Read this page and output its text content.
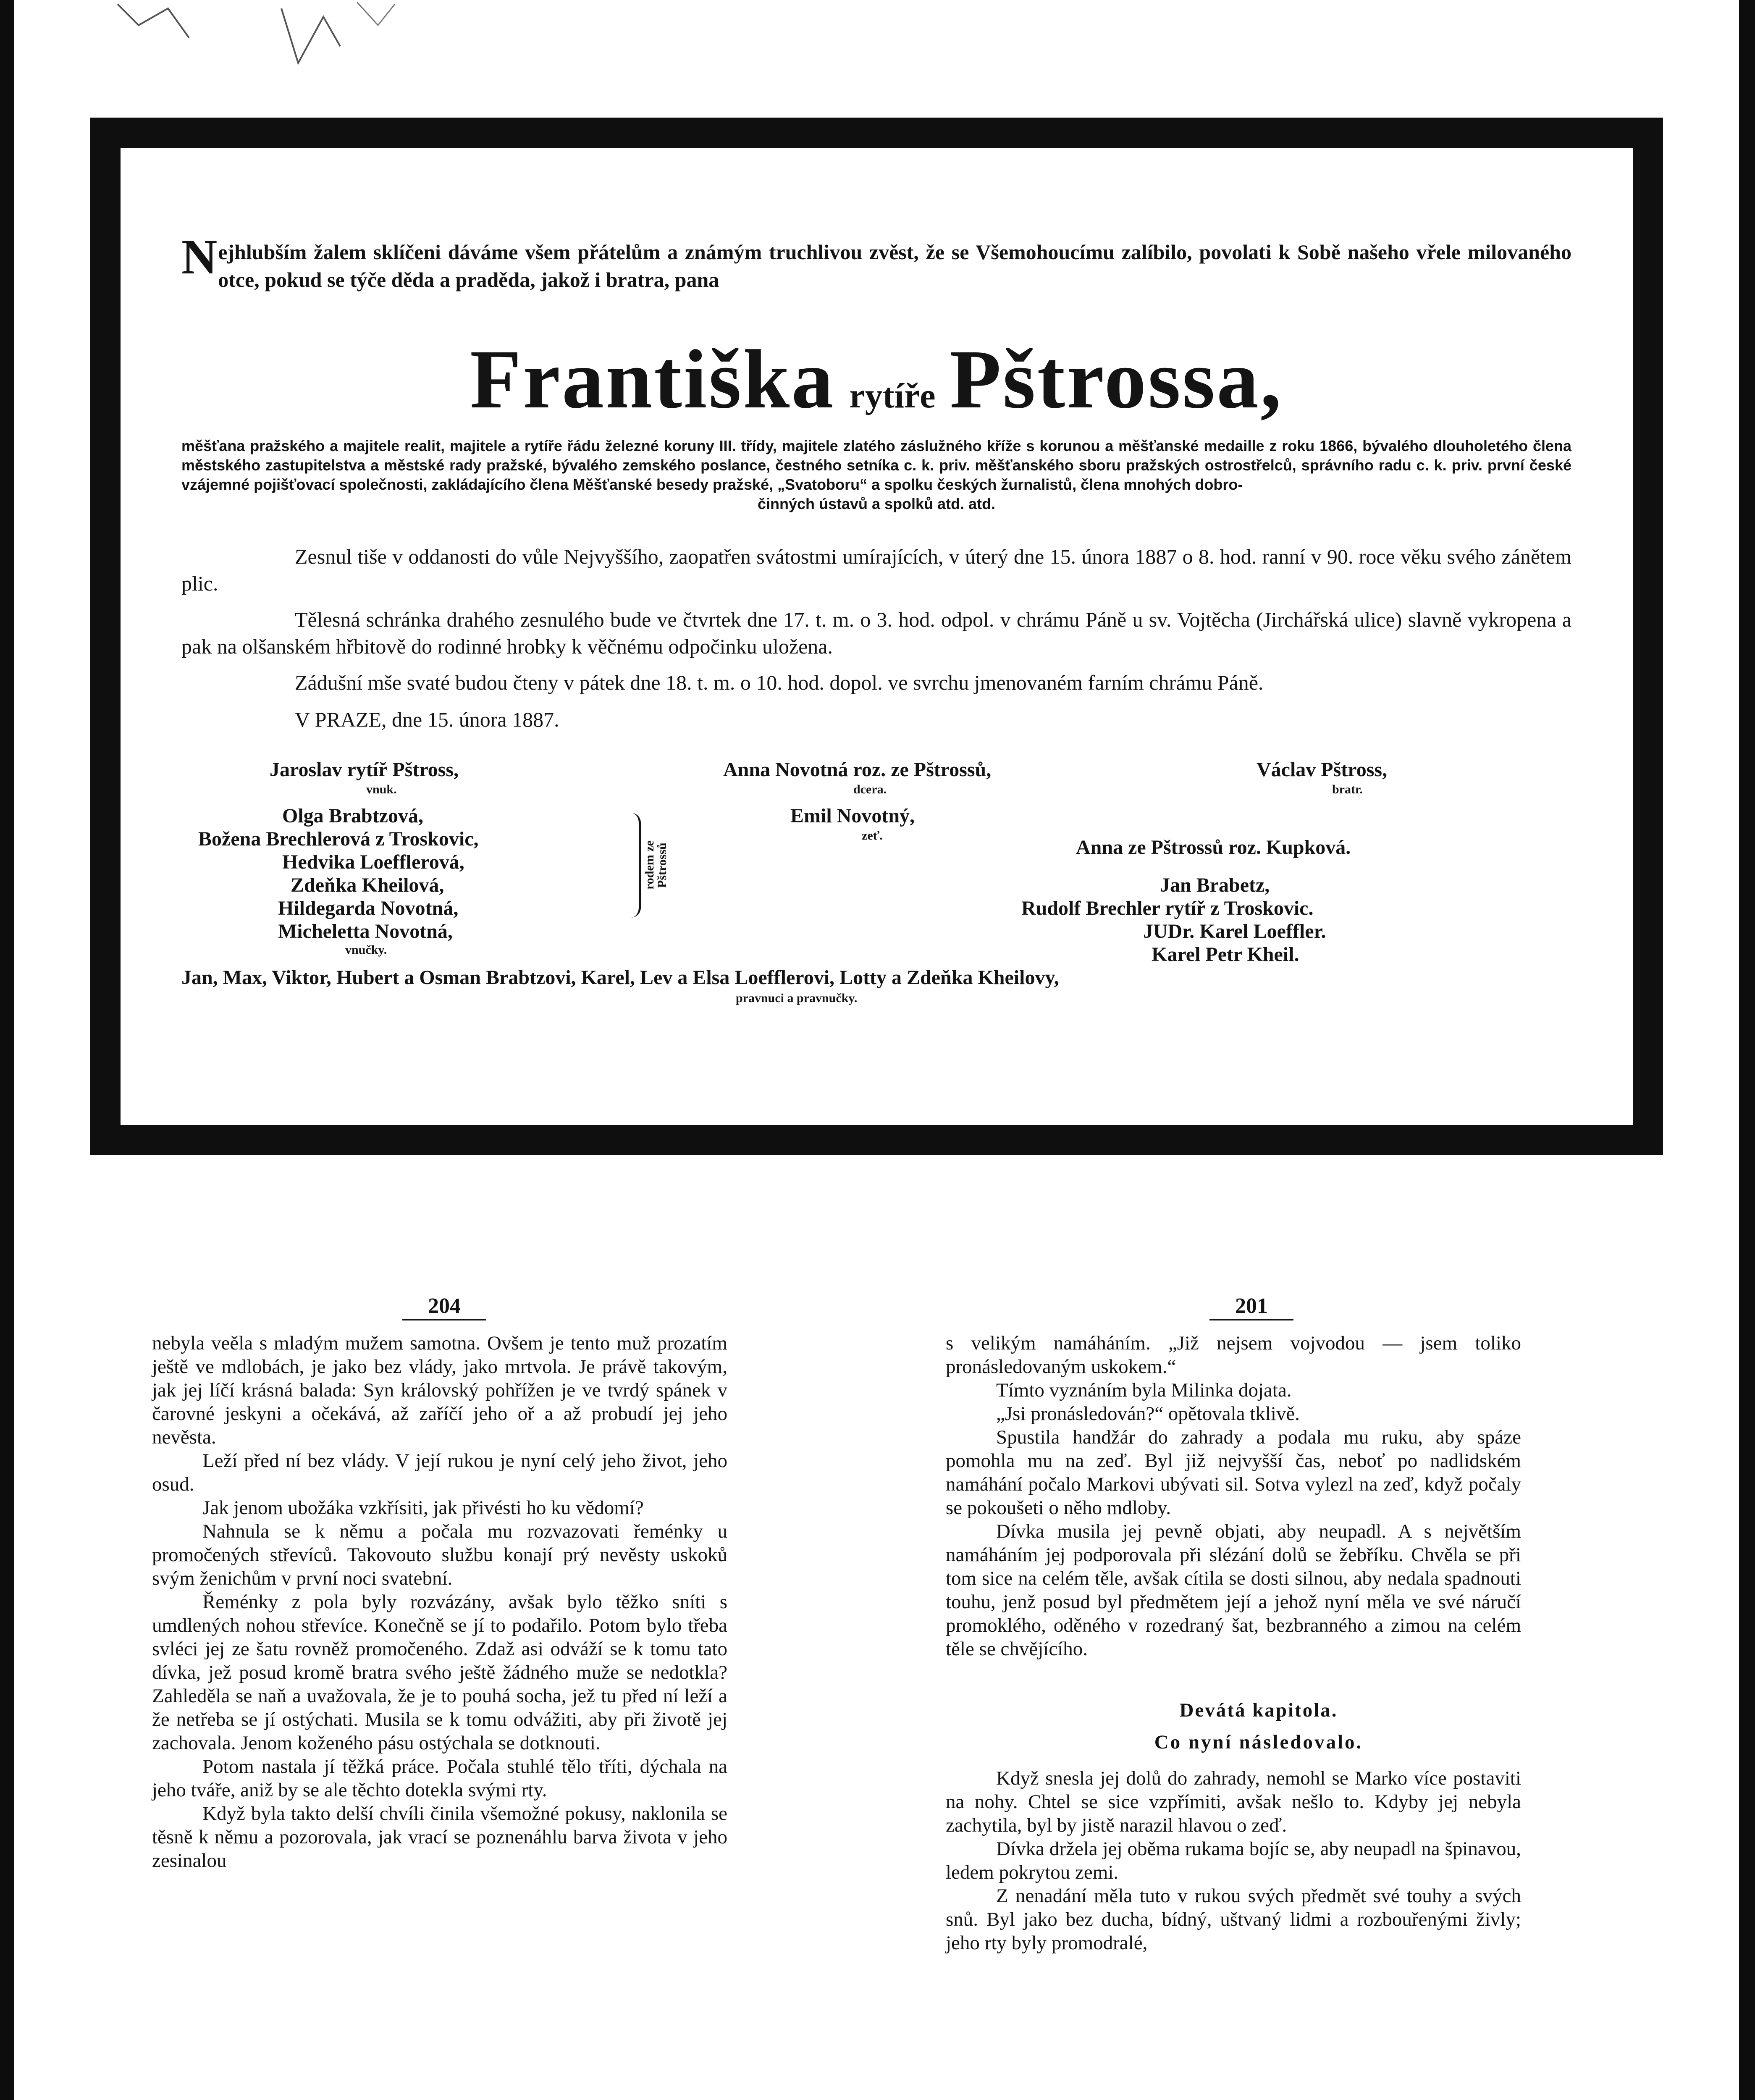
Nejhlubším žalem sklíčeni dáváme všem přátelům a známým truchlivou zvěst, že se Všemohoucímu zalíbilo, povolati k Sobě našeho vřele milovaného otce, pokud se týče děda a praděda, jakož i bratra, pana

Františka rytíře Pštrossa,

měšťana pražského a majitele realit, majitele a rytíře řádu železné koruny III. třídy, majitele zlatého záslužného kříže s korunou a měšťanské medaille z roku 1866, bývalého dlouholetého člena městského zastupitelstva a městské rady pražské, bývalého zemského poslance, čestného setníka c. k. priv. měšťanského sboru pražských ostrostřelců, správního radu c. k. priv. první české vzájemné pojišťovací společnosti, zakládajícího člena Měšťanské besedy pražské, „Svatoboru“ a spolku českých žurnalistů, člena mnohých dobro-

činných ústavů a spolků atd. atd.

Zesnul tiše v oddanosti do vůle Nejvyššího, zaopatřen svátostmi umírajících, v úterý dne 15. února 1887 o 8. hod. ranní v 90. roce věku svého zánětem plic.

Tělesná schránka drahého zesnulého bude ve čtvrtek dne 17. t. m. o 3. hod. odpol. v chrámu Páně u sv. Vojtěcha (Jirchářská ulice) slavně vykropena a pak na olšanském hřbitově do rodinné hrobky k věčnému odpočinku uložena.

Zádušní mše svaté budou čteny v pátek dne 18. t. m. o 10. hod. dopol. ve svrchu jmenovaném farním chrámu Páně.

V PRAZE, dne 15. února 1887.

Jaroslav rytíř Pštross,
vnuk.
Anna Novotná roz. ze Pštrossů,
dcera.
Václav Pštross,
bratr.
Olga Brabtzová,
Božena Brechlerová z Troskovic,
Hedvika Loefflerová,
Zdeňka Kheilová,
Hildegarda Novotná,
Micheletta Novotná,
vnučky.
rodem ze Pštrossů
Emil Novotný,
zeť.
Anna ze Pštrossů roz. Kupková.
Jan Brabetz,
Rudolf Brechler rytíř z Troskovic.
JUDr. Karel Loeffler.
Karel Petr Kheil.
Jan, Max, Viktor, Hubert a Osman Brabtzovi, Karel, Lev a Elsa Loefflerovi, Lotty a Zdeňka Kheilovy,
pravnuci a pravnučky.
204

nebyla veěla s mladým mužem samotna. Ovšem je tento muž prozatím ještě ve mdlobách, je jako bez vlády, jako mrtvola. Je právě takovým, jak jej líčí krásná balada: Syn královský pohřížen je ve tvrdý spánek v čarovné jeskyni a očekává, až zaříčí jeho oř a až probudí jej jeho nevěsta.

Leží před ní bez vlády. V její rukou je nyní celý jeho život, jeho osud.

Jak jenom ubožáka vzkřísiti, jak přivésti ho ku vědomí?

Nahnula se k němu a počala mu rozvazovati řeménky u promočených střevíců. Takovouto službu konají prý nevěsty uskoků svým ženichům v první noci svatební.

Řeménky z pola byly rozvázány, avšak bylo těžko sníti s umdlených nohou střevíce. Konečně se jí to podařilo. Potom bylo třeba svléci jej ze šatu rovněž promočeného. Zdaž asi odváží se k tomu tato dívka, jež posud kromě bratra svého ještě žádného muže se nedotkla? Zahleděla se naň a uvažovala, že je to pouhá socha, jež tu před ní leží a že netřeba se jí ostýchati. Musila se k tomu odvážiti, aby při životě jej zachovala. Jenom koženého pásu ostýchala se dotknouti.

Potom nastala jí těžká práce. Počala stuhlé tělo tříti, dýchala na jeho tváře, aniž by se ale těchto dotekla svými rty.

Když byla takto delší chvíli činila všemožné pokusy, naklonila se těsně k němu a pozorovala, jak vrací se poznenáhlu barva života v jeho zesinalou

201

s velikým namáháním. „Již nejsem vojvodou — jsem toliko pronásledovaným uskokem.“

Tímto vyznáním byla Milinka dojata.

„Jsi pronásledován?“ opětovala tklivě.

Spustila handžár do zahrady a podala mu ruku, aby spáze pomohla mu na zeď. Byl již nejvyšší čas, neboť po nadlidském namáhání počalo Markovi ubývati sil. Sotva vylezl na zeď, když počaly se pokoušeti o něho mdloby.

Dívka musila jej pevně objati, aby neupadl. A s největším namáháním jej podporovala při slézání dolů se žebříku. Chvěla se při tom sice na celém těle, avšak cítila se dosti silnou, aby nedala spadnouti touhu, jenž posud byl předmětem její a jehož nyní měla ve své náručí promoklého, oděného v rozedraný šat, bezbranného a zimou na celém těle se chvějícího.

Devátá kapitola.

Co nyní následovalo.

Když snesla jej dolů do zahrady, nemohl se Marko více postaviti na nohy. Chtel se sice vzpřímiti, avšak nešlo to. Kdyby jej nebyla zachytila, byl by jistě narazil hlavou o zeď.

Dívka držela jej oběma rukama bojíc se, aby neupadl na špinavou, ledem pokrytou zemi.

Z nenadání měla tuto v rukou svých předmět své touhy a svých snů. Byl jako bez ducha, bídný, uštvaný lidmi a rozbouřenými živly; jeho rty byly promodralé,
